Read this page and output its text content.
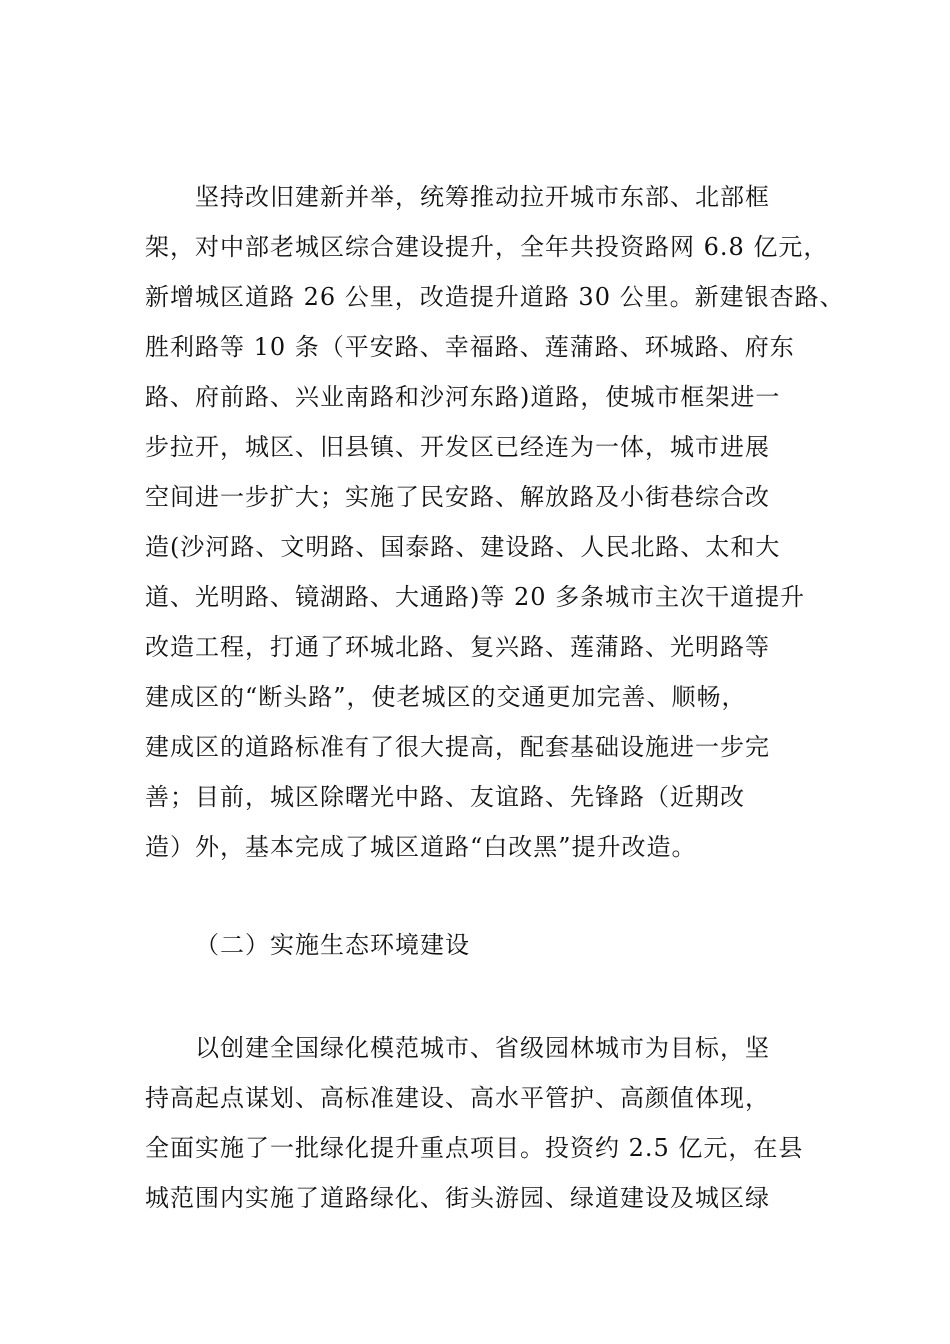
坚持改旧建新并举，统筹推动拉开城市东部、北部框
架，对中部老城区综合建设提升，全年共投资路网 6.8 亿元，
新增城区道路 26 公里，改造提升道路 30 公里。新建银杏路、
胜利路等 10 条（平安路、幸福路、莲蒲路、环城路、府东
路、府前路、兴业南路和沙河东路)道路，使城市框架进一
步拉开，城区、旧县镇、开发区已经连为一体，城市进展
空间进一步扩大；实施了民安路、解放路及小街巷综合改
造(沙河路、文明路、国泰路、建设路、人民北路、太和大
道、光明路、镜湖路、大通路)等 20 多条城市主次干道提升
改造工程，打通了环城北路、复兴路、莲蒲路、光明路等
建成区的“断头路”，使老城区的交通更加完善、顺畅，
建成区的道路标准有了很大提高，配套基础设施进一步完
善；目前，城区除曙光中路、友谊路、先锋路（近期改
造）外，基本完成了城区道路“白改黑”提升改造。
（二）实施生态环境建设
以创建全国绿化模范城市、省级园林城市为目标，坚
持高起点谋划、高标准建设、高水平管护、高颜值体现，
全面实施了一批绿化提升重点项目。投资约 2.5 亿元，在县
城范围内实施了道路绿化、街头游园、绿道建设及城区绿
